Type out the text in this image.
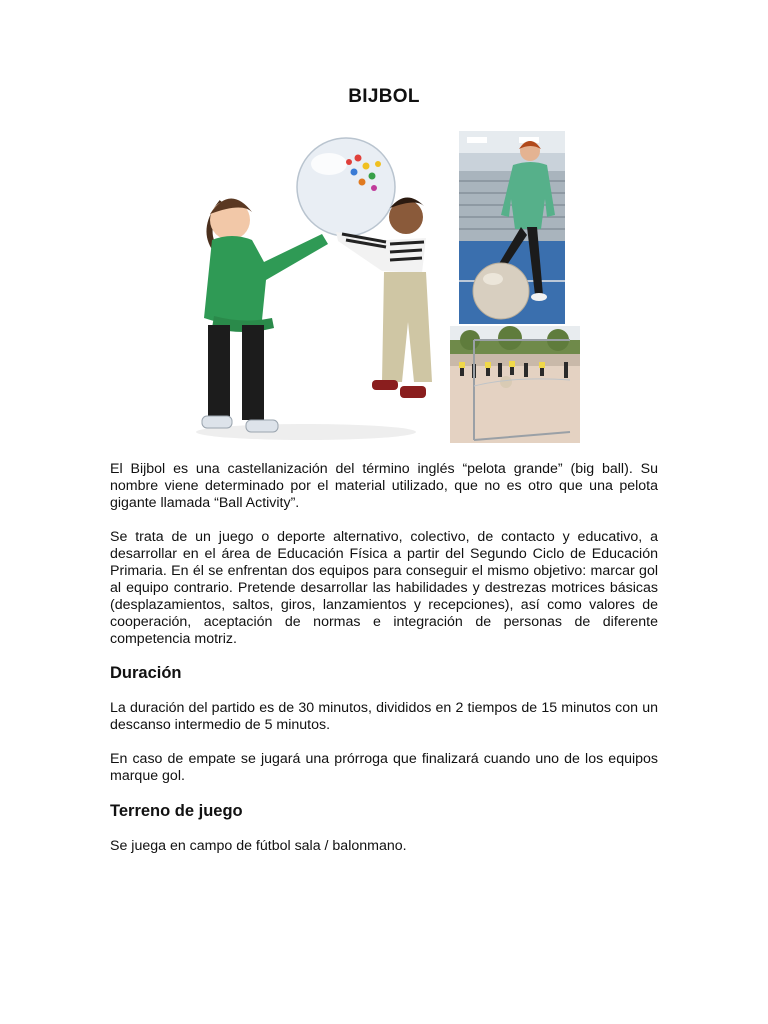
BIJBOL

El Bijbol es una castellanización del término inglés “pelota grande” (big ball). Su nombre viene determinado por el material utilizado, que no es otro que una pelota gigante llamada “Ball Activity”.

Se trata de un juego o deporte alternativo, colectivo, de contacto y educativo, a desarrollar en el área de Educación Física a partir del Segundo Ciclo de Educación Primaria. En él se enfrentan dos equipos para conseguir el mismo objetivo: marcar gol al equipo contrario. Pretende desarrollar las habilidades y destrezas motrices básicas (desplazamientos, saltos, giros, lanzamientos y recepciones), así como valores de cooperación, aceptación de normas e integración de personas de diferente competencia motriz.

Duración

La duración del partido es de 30 minutos, divididos en 2 tiempos de 15 minutos con un descanso intermedio de 5 minutos.

En caso de empate se jugará una prórroga que finalizará cuando uno de los equipos marque gol.

Terreno de juego

Se juega en campo de fútbol sala / balonmano.
